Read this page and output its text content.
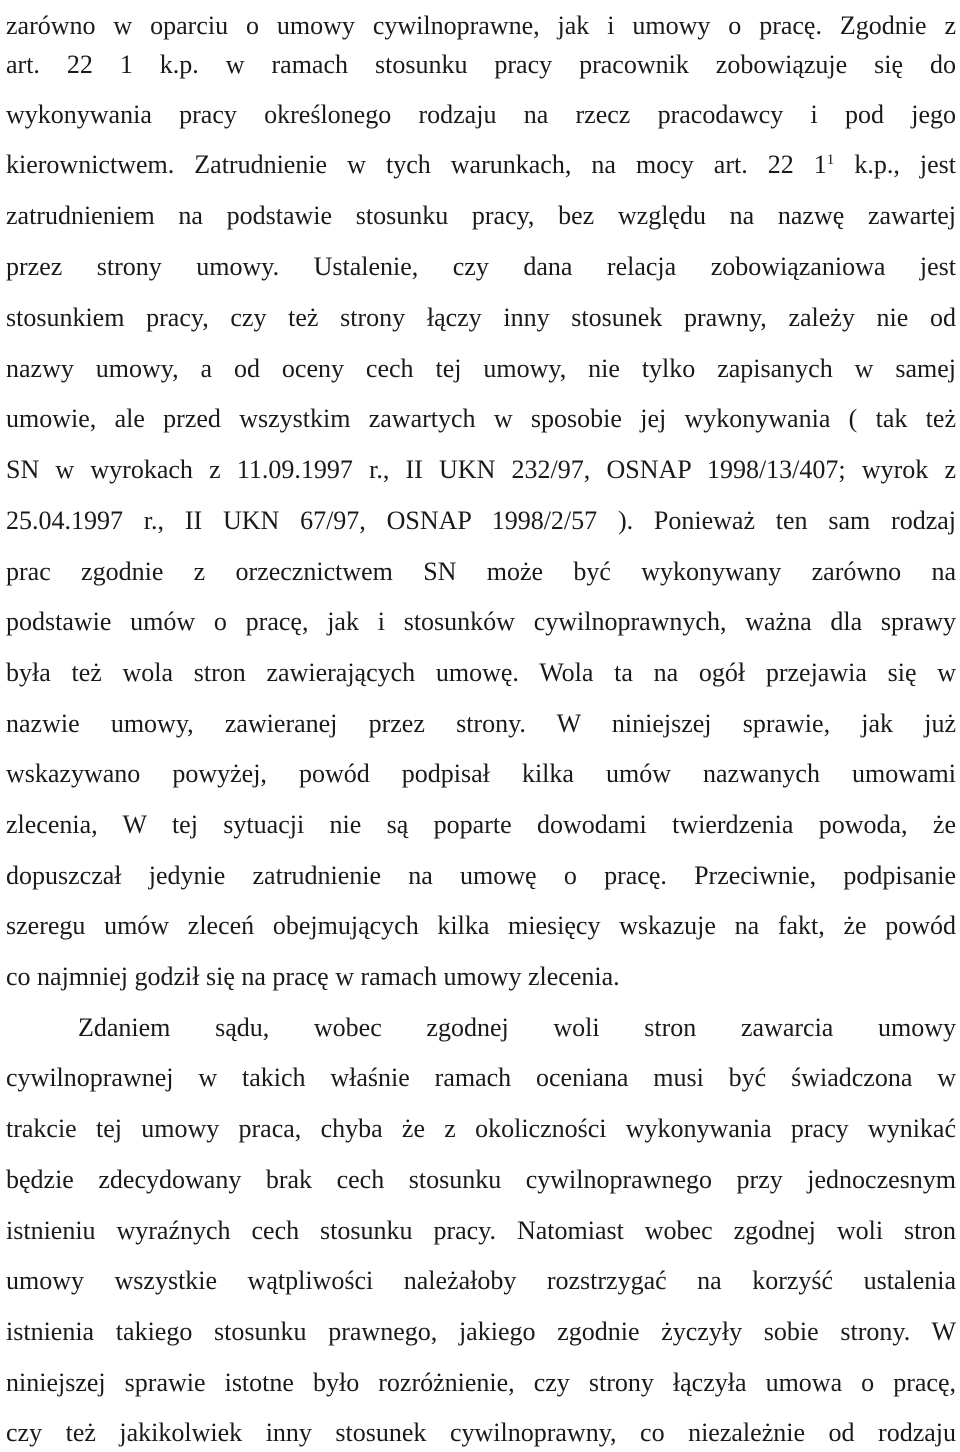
zarówno w oparciu o umowy cywilnoprawne, jak i umowy o pracę. Zgodnie z
art. 22 1 k.p. w ramach stosunku pracy pracownik zobowiązuje się do
wykonywania pracy określonego rodzaju na rzecz pracodawcy i pod jego
kierownictwem. Zatrudnienie w tych warunkach, na mocy art. 22 $1^1$ k.p., jest
zatrudnieniem na podstawie stosunku pracy, bez względu na nazwę zawartej
przez strony umowy. Ustalenie, czy dana relacja zobowiązaniowa jest
stosunkiem pracy, czy też strony łączy inny stosunek prawny, zależy nie od
nazwy umowy, a od oceny cech tej umowy, nie tylko zapisanych w samej
umowie, ale przed wszystkim zawartych w sposobie jej wykonywania ( tak też
SN w wyrokach z 11.09.1997 r., II UKN 232/97, OSNAP 1998/13/407; wyrok z
25.04.1997 r., II UKN 67/97, OSNAP 1998/2/57 ). Ponieważ ten sam rodzaj
prac zgodnie z orzecznictwem SN może być wykonywany zarówno na
podstawie umów o pracę, jak i stosunków cywilnoprawnych, ważna dla sprawy
była też wola stron zawierających umowę. Wola ta na ogół przejawia się w
nazwie umowy, zawieranej przez strony. W niniejszej sprawie, jak już
wskazywano powyżej, powód podpisał kilka umów nazwanych umowami
zlecenia, W tej sytuacji nie są poparte dowodami twierdzenia powoda, że
dopuszczał jedynie zatrudnienie na umowę o pracę. Przeciwnie, podpisanie
szeregu umów zleceń obejmujących kilka miesięcy wskazuje na fakt, że powód
co najmniej godził się na pracę w ramach umowy zlecenia.
Zdaniem sądu, wobec zgodnej woli stron zawarcia umowy
cywilnoprawnej w takich właśnie ramach oceniana musi być świadczona w
trakcie tej umowy praca, chyba że z okoliczności wykonywania pracy wynikać
będzie zdecydowany brak cech stosunku cywilnoprawnego przy jednoczesnym
istnieniu wyraźnych cech stosunku pracy. Natomiast wobec zgodnej woli stron
umowy wszystkie wątpliwości należałoby rozstrzygać na korzyść ustalenia
istnienia takiego stosunku prawnego, jakiego zgodnie życzyły sobie strony. W
niniejszej sprawie istotne było rozróżnienie, czy strony łączyła umowa o pracę,
czy też jakikolwiek inny stosunek cywilnoprawny, co niezależnie od rodzaju
